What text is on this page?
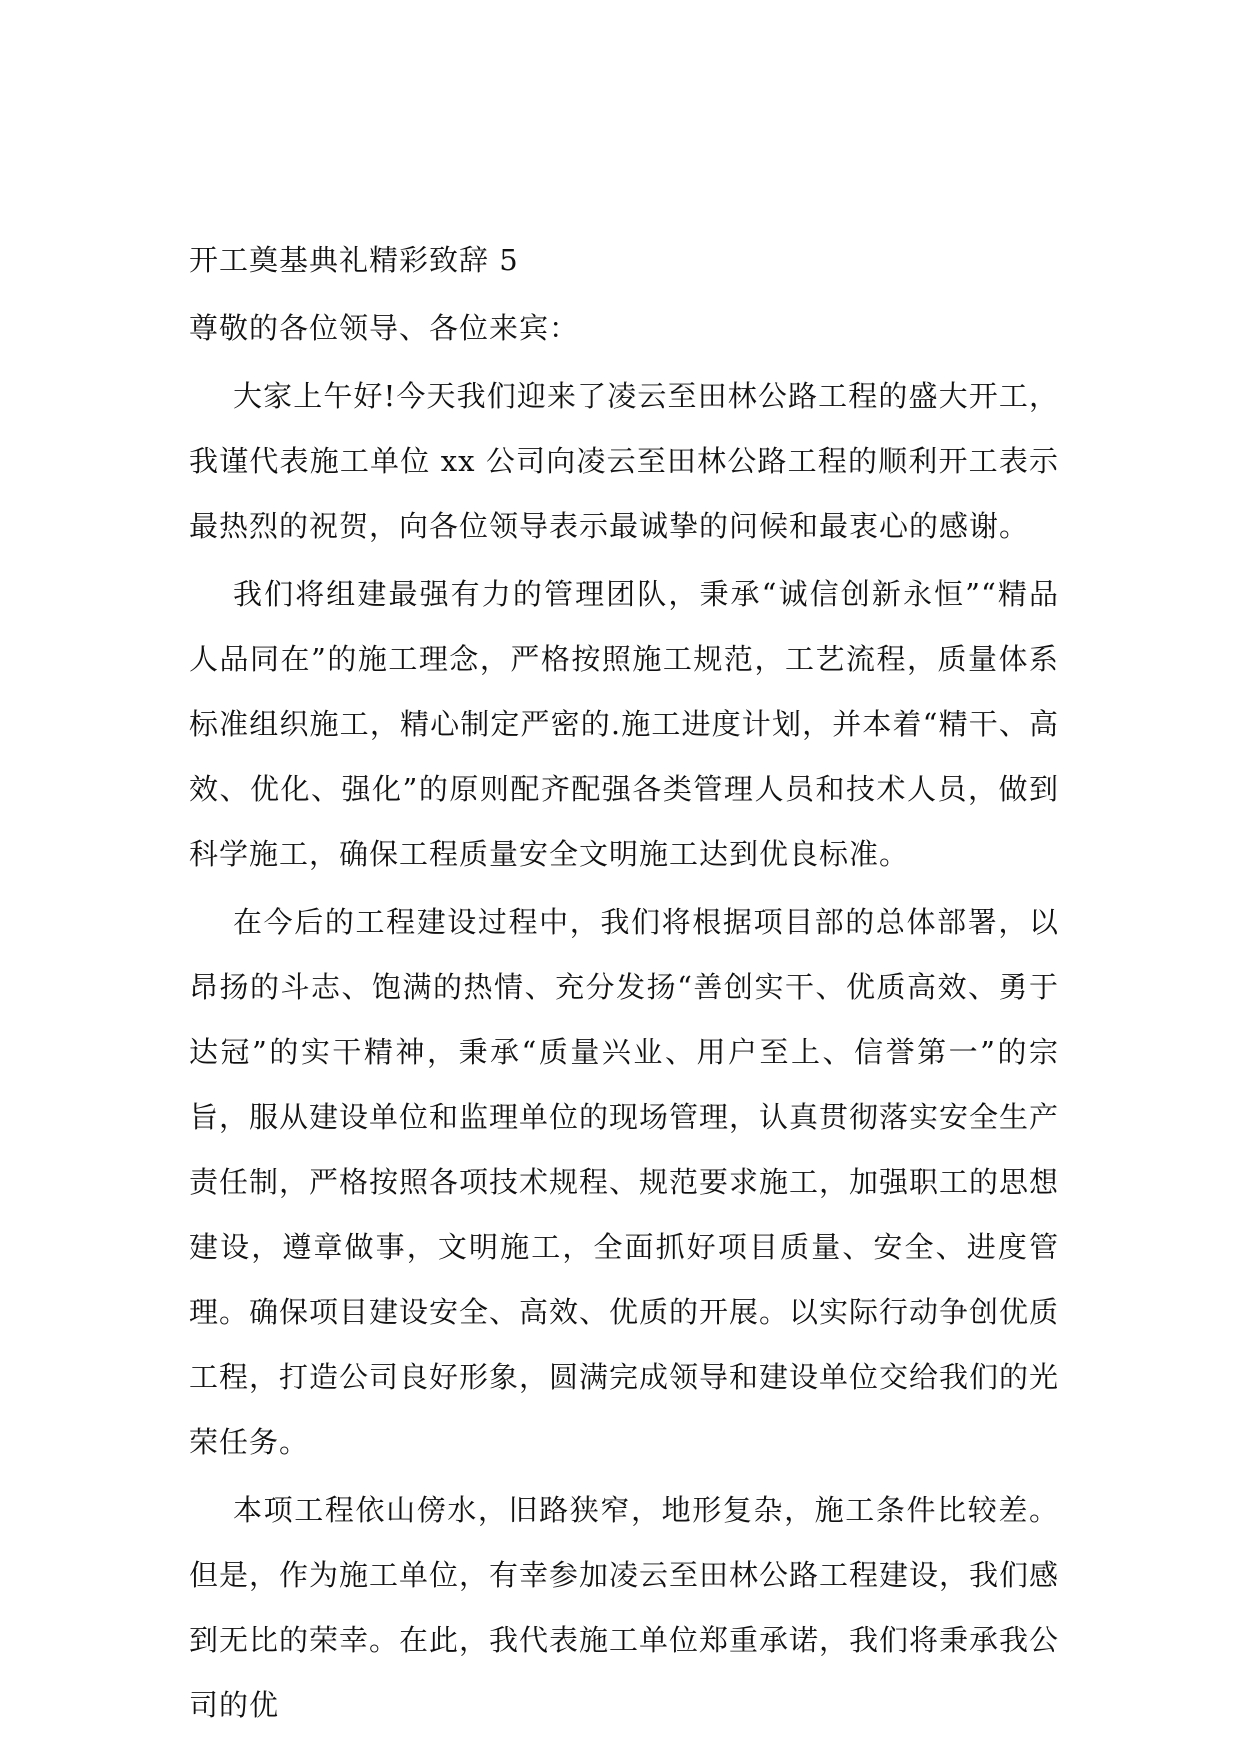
开工奠基典礼精彩致辞 5

尊敬的各位领导、各位来宾：

大家上午好!今天我们迎来了凌云至田林公路工程的盛大开工，我谨代表施工单位 xx 公司向凌云至田林公路工程的顺利开工表示最热烈的祝贺，向各位领导表示最诚挚的问候和最衷心的感谢。

我们将组建最强有力的管理团队，秉承“诚信创新永恒”“精品人品同在”的施工理念，严格按照施工规范，工艺流程，质量体系标准组织施工，精心制定严密的.施工进度计划，并本着“精干、高效、优化、强化”的原则配齐配强各类管理人员和技术人员，做到科学施工，确保工程质量安全文明施工达到优良标准。

在今后的工程建设过程中，我们将根据项目部的总体部署，以昂扬的斗志、饱满的热情、充分发扬“善创实干、优质高效、勇于达冠”的实干精神，秉承“质量兴业、用户至上、信誉第一”的宗旨，服从建设单位和监理单位的现场管理，认真贯彻落实安全生产责任制，严格按照各项技术规程、规范要求施工，加强职工的思想建设，遵章做事，文明施工，全面抓好项目质量、安全、进度管理。确保项目建设安全、高效、优质的开展。以实际行动争创优质工程，打造公司良好形象，圆满完成领导和建设单位交给我们的光荣任务。

本项工程依山傍水，旧路狭窄，地形复杂，施工条件比较差。但是，作为施工单位，有幸参加凌云至田林公路工程建设，我们感到无比的荣幸。在此，我代表施工单位郑重承诺，我们将秉承我公司的优
